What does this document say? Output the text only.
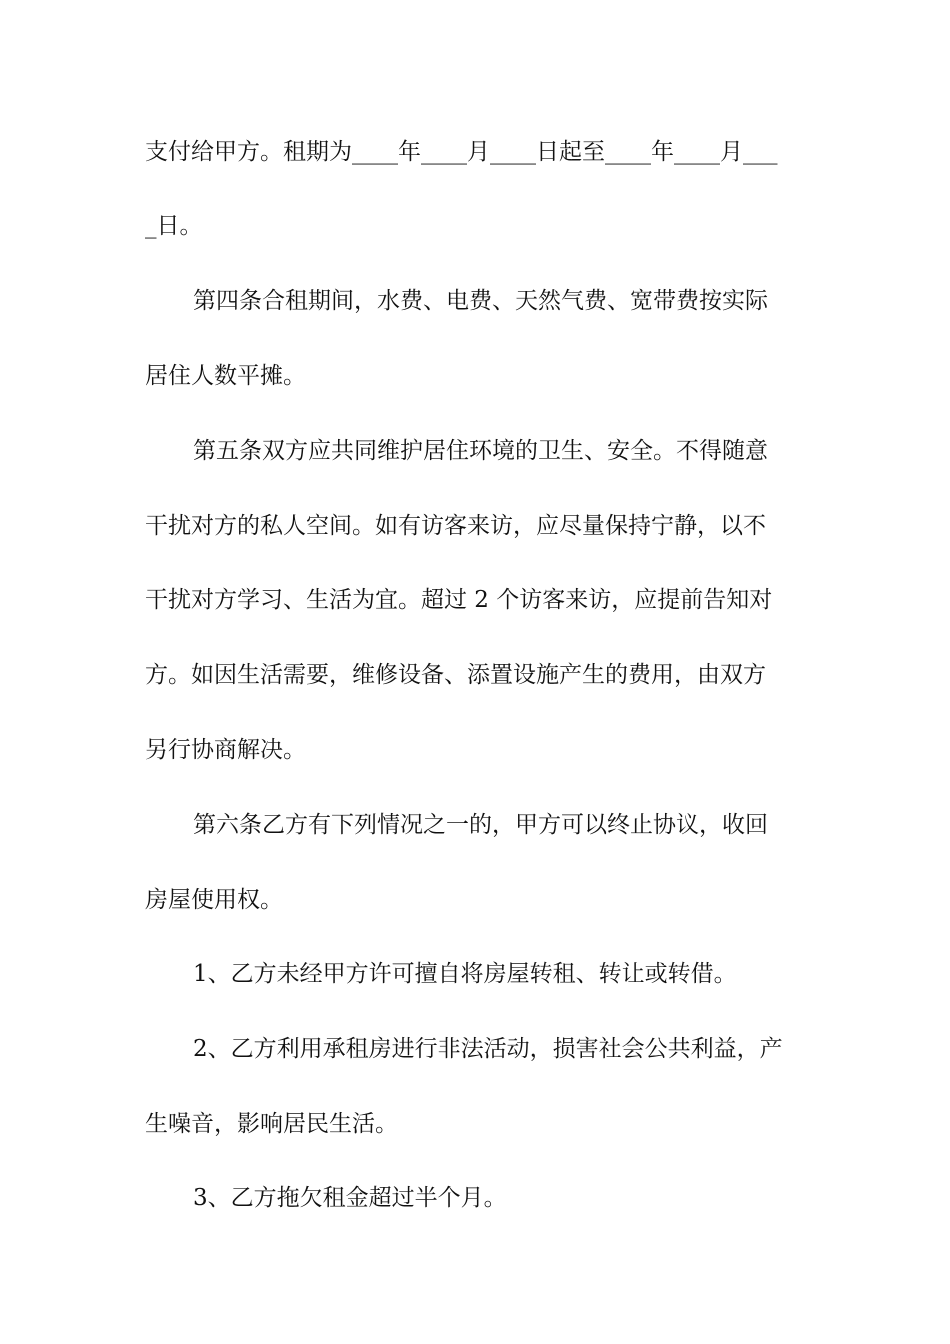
支付给甲方。租期为____年____月____日起至____年____月___
_日。
第四条合租期间，水费、电费、天然气费、宽带费按实际
居住人数平摊。
第五条双方应共同维护居住环境的卫生、安全。不得随意
干扰对方的私人空间。如有访客来访，应尽量保持宁静，以不
干扰对方学习、生活为宜。超过 2 个访客来访，应提前告知对
方。如因生活需要，维修设备、添置设施产生的费用，由双方
另行协商解决。
第六条乙方有下列情况之一的，甲方可以终止协议，收回
房屋使用权。
1、乙方未经甲方许可擅自将房屋转租、转让或转借。
2、乙方利用承租房进行非法活动，损害社会公共利益，产
生噪音，影响居民生活。
3、乙方拖欠租金超过半个月。
